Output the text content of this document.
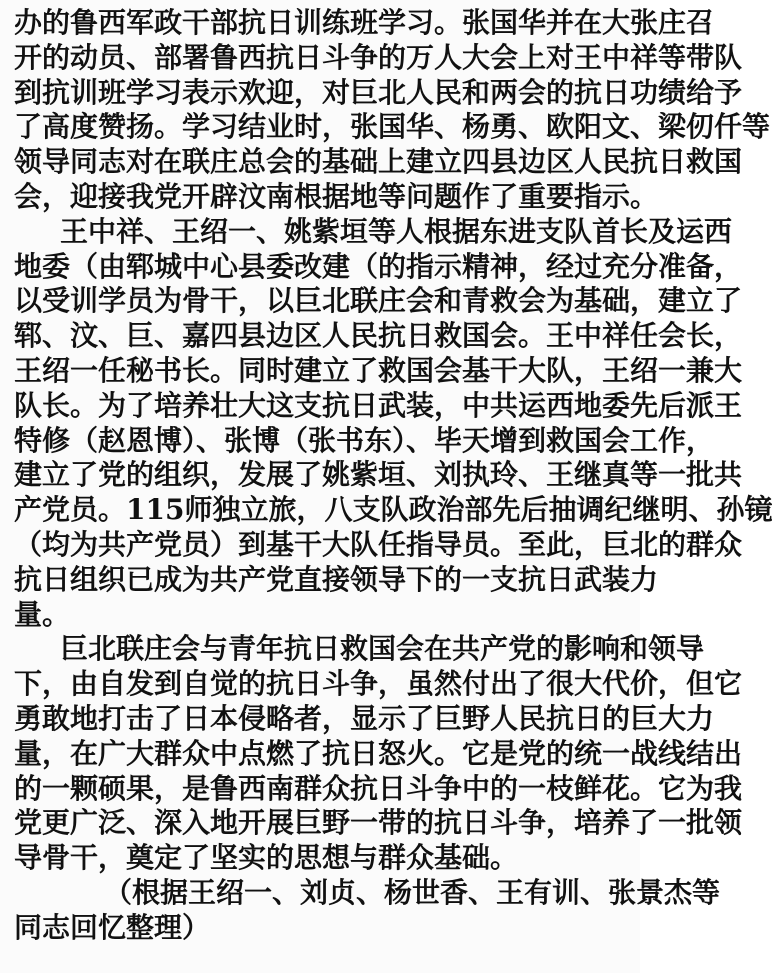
办的鲁西军政干部抗日训练班学习。张国华并在大张庄召
开的动员、部署鲁西抗日斗争的万人大会上对王中祥等带队
到抗训班学习表示欢迎，对巨北人民和两会的抗日功绩给予
了高度赞扬。学习结业时，张国华、杨勇、欧阳文、梁仞仟等
领导同志对在联庄总会的基础上建立四县边区人民抗日救国
会，迎接我党开辟汶南根据地等问题作了重要指示。
王中祥、王绍一、姚紫垣等人根据东进支队首长及运西
地委（由郓城中心县委改建（的指示精神，经过充分准备，
以受训学员为骨干，以巨北联庄会和青救会为基础，建立了
郓、汶、巨、嘉四县边区人民抗日救国会。王中祥任会长，
王绍一任秘书长。同时建立了救国会基干大队，王绍一兼大
队长。为了培养壮大这支抗日武装，中共运西地委先后派王
特修（赵恩博）、张博（张书东）、毕天增到救国会工作，
建立了党的组织，发展了姚紫垣、刘执玲、王继真等一批共
产党员。115师独立旅，八支队政治部先后抽调纪继明、孙镜
（均为共产党员）到基干大队任指导员。至此，巨北的群众
抗日组织已成为共产党直接领导下的一支抗日武装力
量。
巨北联庄会与青年抗日救国会在共产党的影响和领导
下，由自发到自觉的抗日斗争，虽然付出了很大代价，但它
勇敢地打击了日本侵略者，显示了巨野人民抗日的巨大力
量，在广大群众中点燃了抗日怒火。它是党的统一战线结出
的一颗硕果，是鲁西南群众抗日斗争中的一枝鲜花。它为我
党更广泛、深入地开展巨野一带的抗日斗争，培养了一批领
导骨干，奠定了坚实的思想与群众基础。
（根据王绍一、刘贞、杨世香、王有训、张景杰等
同志回忆整理）
